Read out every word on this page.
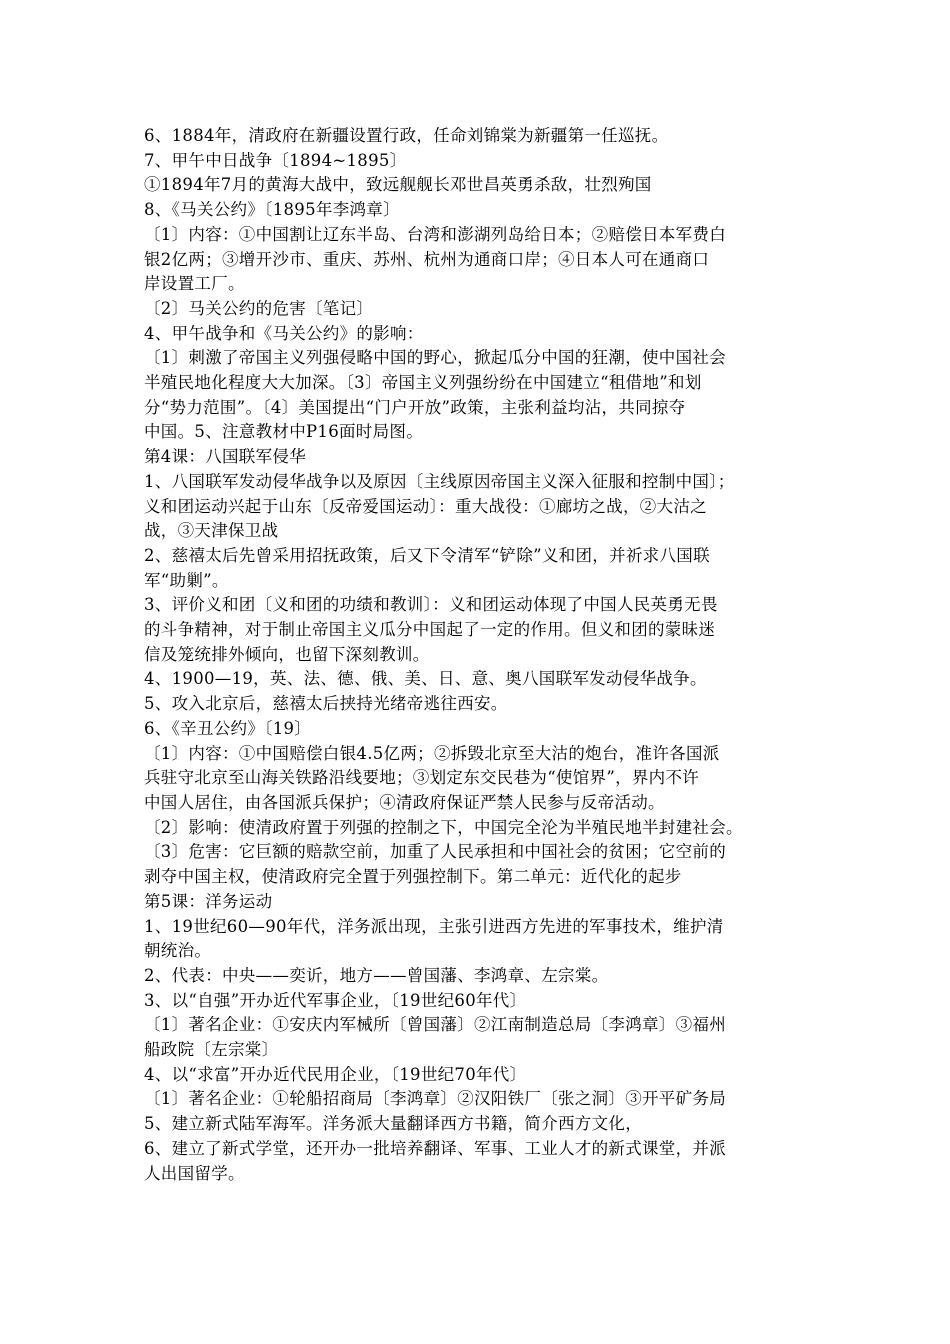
6、1884年，清政府在新疆设置行政，任命刘锦棠为新疆第一任巡抚。
7、甲午中日战争〔1894~1895〕
①1894年7月的黄海大战中，致远舰舰长邓世昌英勇杀敌，壮烈殉国
8、《马关公约》〔1895年李鸿章〕
〔1〕内容：①中国割让辽东半岛、台湾和澎湖列岛给日本；②赔偿日本军费白
银2亿两；③增开沙市、重庆、苏州、杭州为通商口岸；④日本人可在通商口
岸设置工厂。
〔2〕马关公约的危害〔笔记〕
4、甲午战争和《马关公约》的影响：
〔1〕刺激了帝国主义列强侵略中国的野心，掀起瓜分中国的狂潮，使中国社会
半殖民地化程度大大加深。〔3〕帝国主义列强纷纷在中国建立“租借地”和划
分“势力范围”。〔4〕美国提出“门户开放”政策，主张利益均沾，共同掠夺
中国。5、注意教材中P16面时局图。
第4课：八国联军侵华
1、八国联军发动侵华战争以及原因〔主线原因帝国主义深入征服和控制中国〕；
义和团运动兴起于山东〔反帝爱国运动〕：重大战役：①廊坊之战，②大沽之
战，③天津保卫战
2、慈禧太后先曾采用招抚政策，后又下令清军“铲除”义和团，并祈求八国联
军“助剿”。
3、评价义和团〔义和团的功绩和教训〕：义和团运动体现了中国人民英勇无畏
的斗争精神，对于制止帝国主义瓜分中国起了一定的作用。但义和团的蒙昧迷
信及笼统排外倾向，也留下深刻教训。
4、1900—19，英、法、德、俄、美、日、意、奥八国联军发动侵华战争。
5、攻入北京后，慈禧太后挟持光绪帝逃往西安。
6、《辛丑公约》〔19〕
〔1〕内容：①中国赔偿白银4.5亿两；②拆毁北京至大沽的炮台，准许各国派
兵驻守北京至山海关铁路沿线要地；③划定东交民巷为“使馆界”，界内不许
中国人居住，由各国派兵保护；④清政府保证严禁人民参与反帝活动。
〔2〕影响：使清政府置于列强的控制之下，中国完全沦为半殖民地半封建社会。
〔3〕危害：它巨额的赔款空前，加重了人民承担和中国社会的贫困；它空前的
剥夺中国主权，使清政府完全置于列强控制下。第二单元：近代化的起步
第5课：洋务运动
1、19世纪60—90年代，洋务派出现，主张引进西方先进的军事技术，维护清
朝统治。
2、代表：中央——奕䜣，地方——曾国藩、李鸿章、左宗棠。
3、以“自强”开办近代军事企业，〔19世纪60年代〕
〔1〕著名企业：①安庆内军械所〔曾国藩〕②江南制造总局〔李鸿章〕③福州
船政院〔左宗棠〕
4、以“求富”开办近代民用企业，〔19世纪70年代〕
〔1〕著名企业：①轮船招商局〔李鸿章〕②汉阳铁厂〔张之洞〕③开平矿务局
5、建立新式陆军海军。洋务派大量翻译西方书籍，简介西方文化，
6、建立了新式学堂，还开办一批培养翻译、军事、工业人才的新式课堂，并派
人出国留学。
